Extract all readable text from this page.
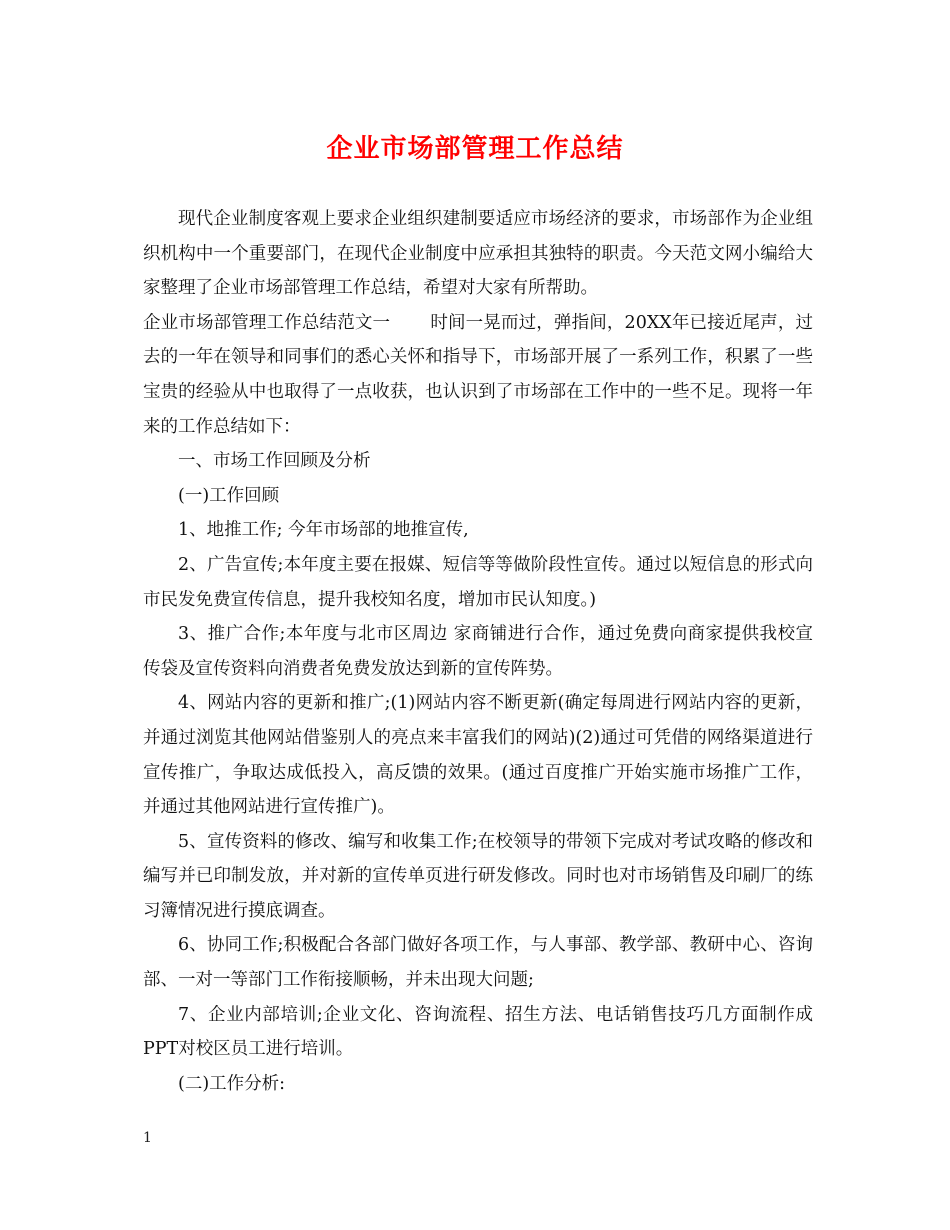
企业市场部管理工作总结

现代企业制度客观上要求企业组织建制要适应市场经济的要求，市场部作为企业组织机构中一个重要部门，在现代企业制度中应承担其独特的职责。今天范文网小编给大家整理了企业市场部管理工作总结，希望对大家有所帮助。

企业市场部管理工作总结范文一 时间一晃而过，弹指间，20XX年已接近尾声，过去的一年在领导和同事们的悉心关怀和指导下，市场部开展了一系列工作，积累了一些宝贵的经验从中也取得了一点收获，也认识到了市场部在工作中的一些不足。现将一年来的工作总结如下：

一、市场工作回顾及分析

(一)工作回顾

1、地推工作; 今年市场部的地推宣传,

2、广告宣传;本年度主要在报媒、短信等等做阶段性宣传。通过以短信息的形式向市民发免费宣传信息，提升我校知名度，增加市民认知度。)

3、推广合作;本年度与北市区周边 家商铺进行合作，通过免费向商家提供我校宣传袋及宣传资料向消费者免费发放达到新的宣传阵势。

4、网站内容的更新和推广;(1)网站内容不断更新(确定每周进行网站内容的更新，并通过浏览其他网站借鉴别人的亮点来丰富我们的网站)(2)通过可凭借的网络渠道进行宣传推广，争取达成低投入，高反馈的效果。(通过百度推广开始实施市场推广工作，并通过其他网站进行宣传推广)。

5、宣传资料的修改、编写和收集工作;在校领导的带领下完成对考试攻略的修改和编写并已印制发放，并对新的宣传单页进行研发修改。同时也对市场销售及印刷厂的练习簿情况进行摸底调查。

6、协同工作;积极配合各部门做好各项工作，与人事部、教学部、教研中心、咨询部、一对一等部门工作衔接顺畅，并未出现大问题;

7、企业内部培训;企业文化、咨询流程、招生方法、电话销售技巧几方面制作成PPT对校区员工进行培训。

(二)工作分析:

1
